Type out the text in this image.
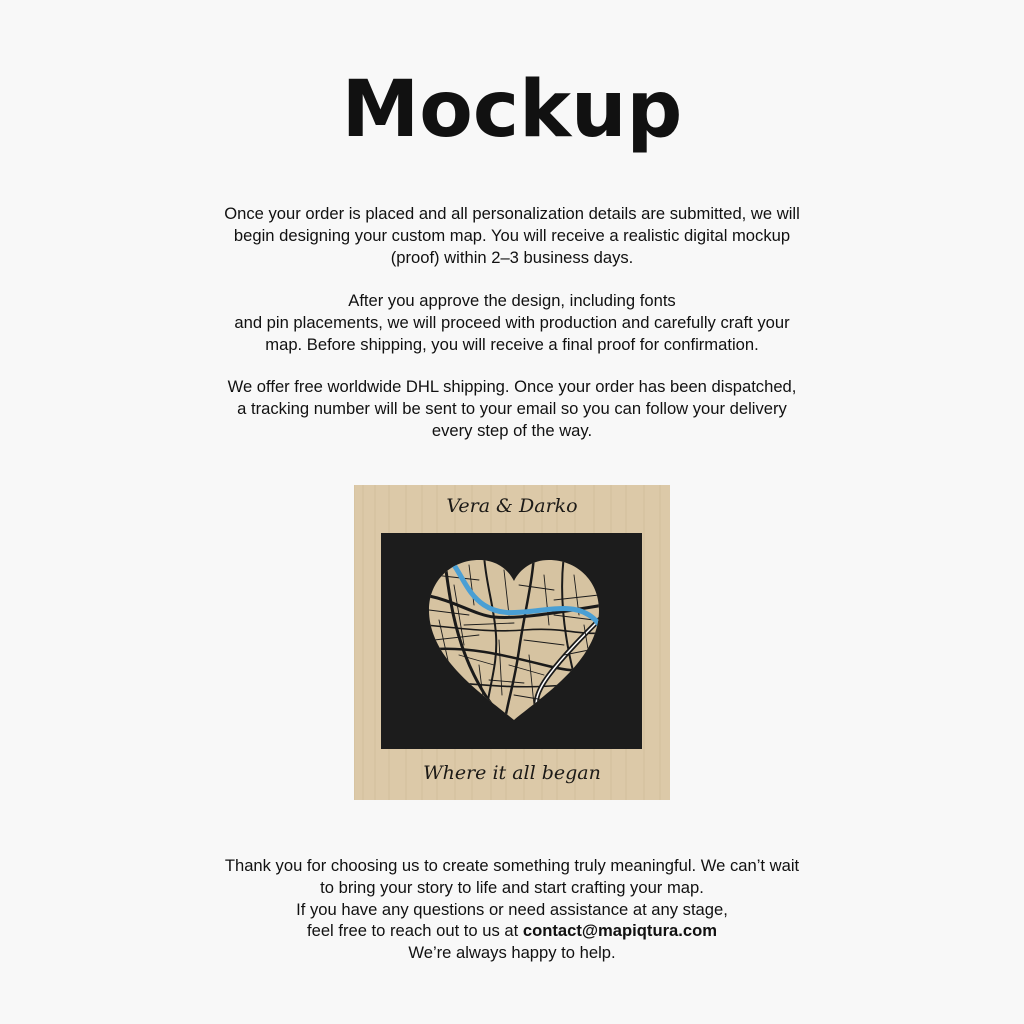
Mockup
Once your order is placed and all personalization details are submitted, we will
begin designing your custom map. You will receive a realistic digital mockup
(proof) within 2–3 business days.
After you approve the design, including fonts
and pin placements, we will proceed with production and carefully craft your
map. Before shipping, you will receive a final proof for confirmation.
We offer free worldwide DHL shipping. Once your order has been dispatched,
a tracking number will be sent to your email so you can follow your delivery
every step of the way.
Vera & Darko
Where it all began
Thank you for choosing us to create something truly meaningful. We can’t wait
to bring your story to life and start crafting your map.
If you have any questions or need assistance at any stage,
feel free to reach out to us at contact@mapiqtura.com
We’re always happy to help.
